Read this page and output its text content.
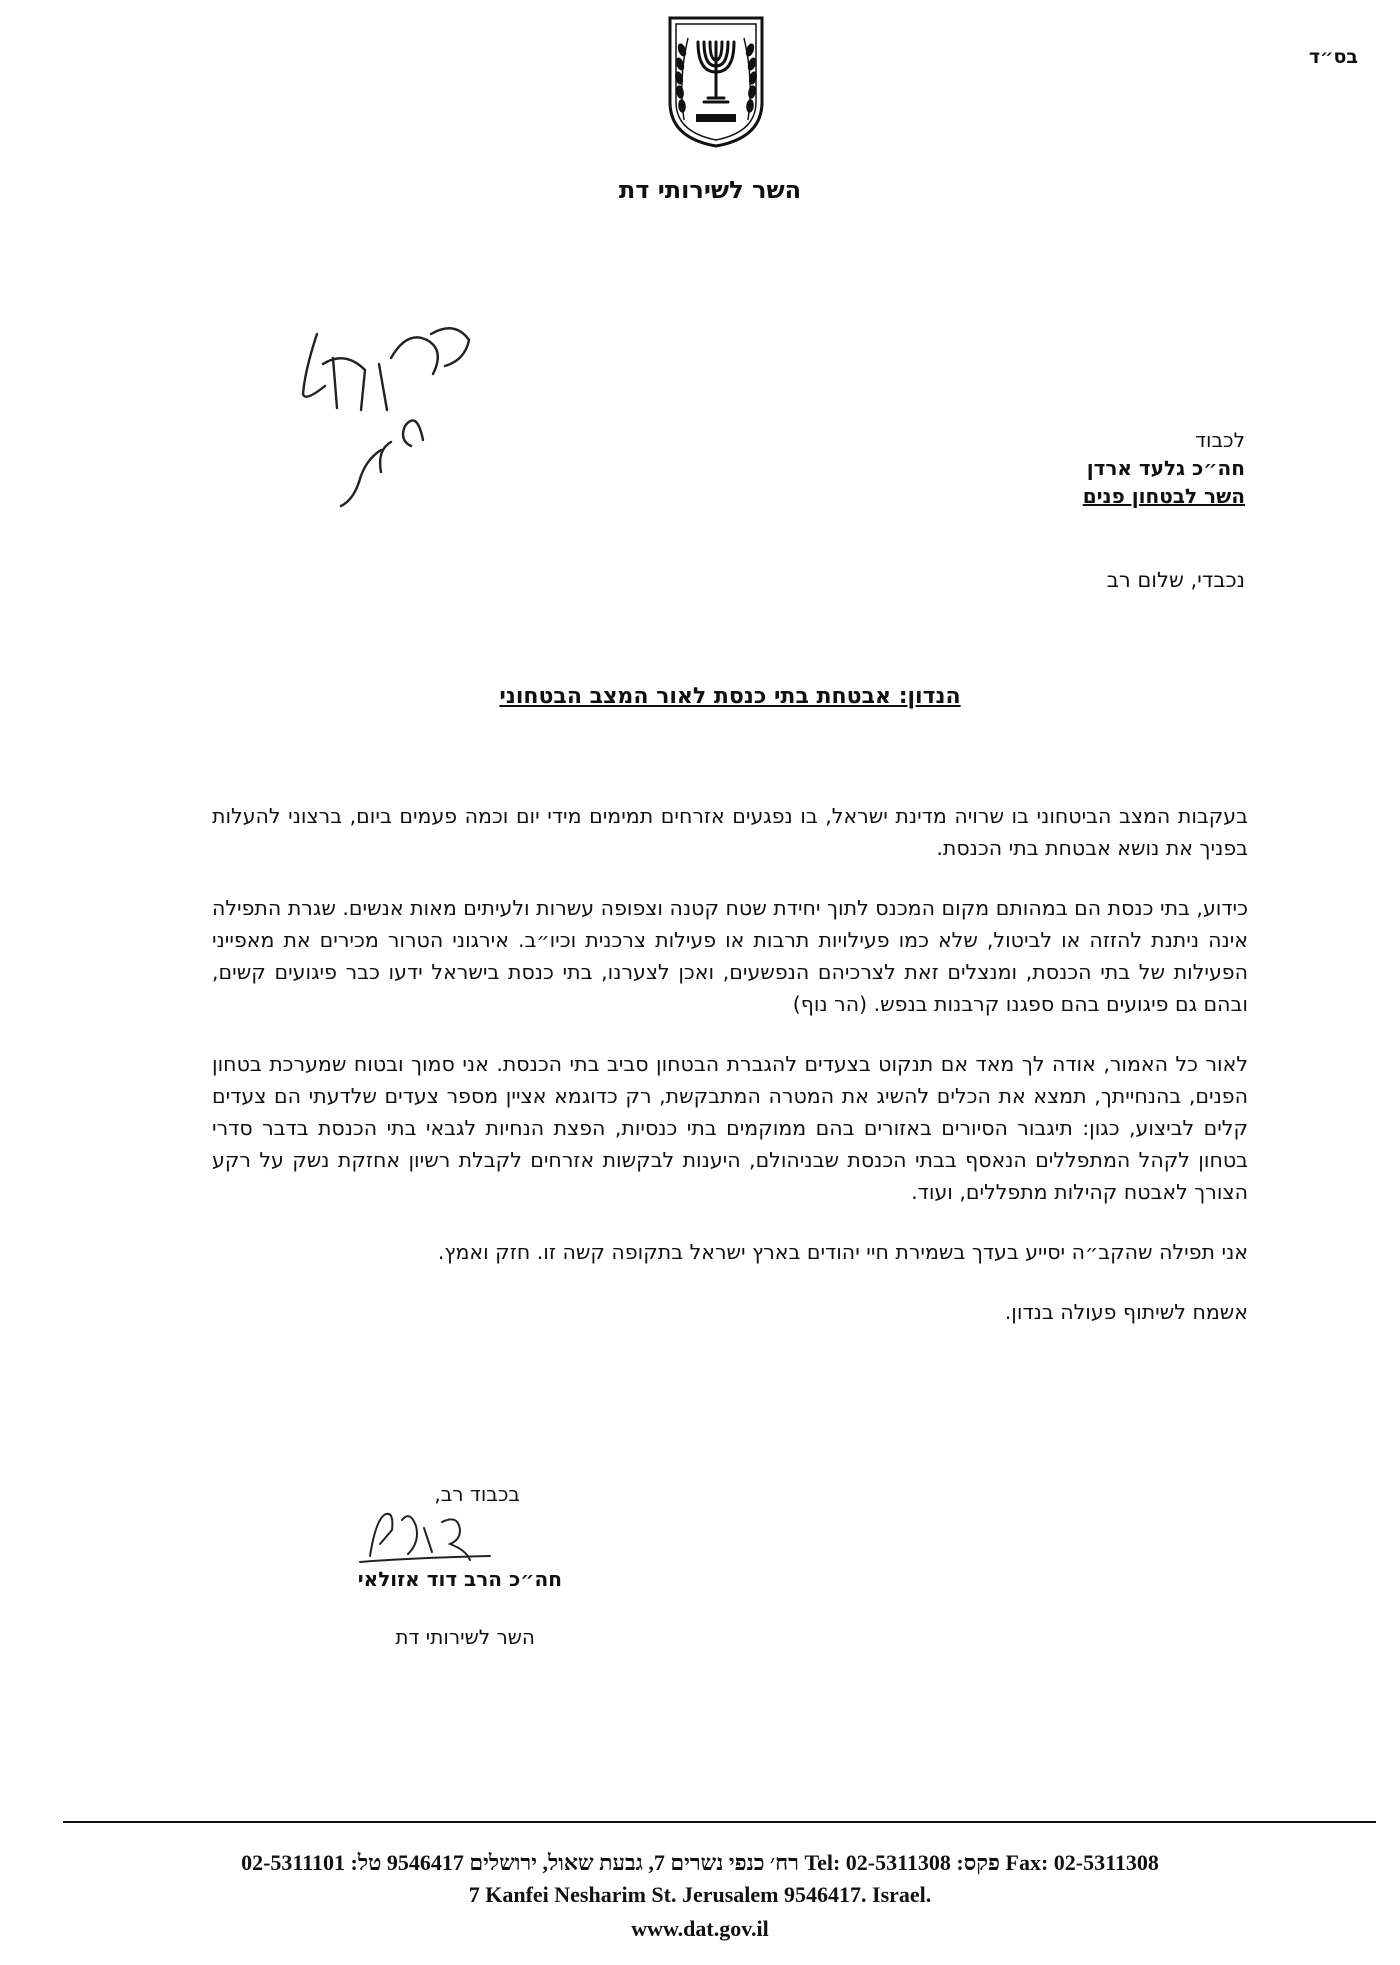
בס״ד
השר לשירותי דת
לכבוד
חה״כ גלעד ארדן
השר לבטחון פנים
נכבדי, שלום רב
הנדון: אבטחת בתי כנסת לאור המצב הבטחוני

בעקבות המצב הביטחוני בו שרויה מדינת ישראל, בו נפגעים אזרחים תמימים מידי יום וכמה פעמים ביום, ברצוני להעלות בפניך את נושא אבטחת בתי הכנסת.

כידוע, בתי כנסת הם במהותם מקום המכנס לתוך יחידת שטח קטנה וצפופה עשרות ולעיתים מאות אנשים. שגרת התפילה אינה ניתנת להזזה או לביטול, שלא כמו פעילויות תרבות או פעילות צרכנית וכיו״ב. אירגוני הטרור מכירים את מאפייני הפעילות של בתי הכנסת, ומנצלים זאת לצרכיהם הנפשעים, ואכן לצערנו, בתי כנסת בישראל ידעו כבר פיגועים קשים, ובהם גם פיגועים בהם ספגנו קרבנות בנפש. (הר נוף)

לאור כל האמור, אודה לך מאד אם תנקוט בצעדים להגברת הבטחון סביב בתי הכנסת. אני סמוך ובטוח שמערכת בטחון הפנים, בהנחייתך, תמצא את הכלים להשיג את המטרה המתבקשת, רק כדוגמא אציין מספר צעדים שלדעתי הם צעדים קלים לביצוע, כגון: תיגבור הסיורים באזורים בהם ממוקמים בתי כנסיות, הפצת הנחיות לגבאי בתי הכנסת בדבר סדרי בטחון לקהל המתפללים הנאסף בבתי הכנסת שבניהולם, היענות לבקשות אזרחים לקבלת רשיון אחזקת נשק על רקע הצורך לאבטח קהילות מתפללים, ועוד.

אני תפילה שהקב״ה יסייע בעדך בשמירת חיי יהודים בארץ ישראל בתקופה קשה זו. חזק ואמץ.

אשמח לשיתוף פעולה בנדון.

בכבוד רב,
חה״כ הרב דוד אזולאי
השר לשירותי דת
רח׳ כנפי נשרים 7, גבעת שאול, ירושלים 9546417 טל: 02-5311101 Tel: 02-5311308 :פקס Fax: 02-5311308
7 Kanfei Nesharim St. Jerusalem 9546417. Israel.
www.dat.gov.il
